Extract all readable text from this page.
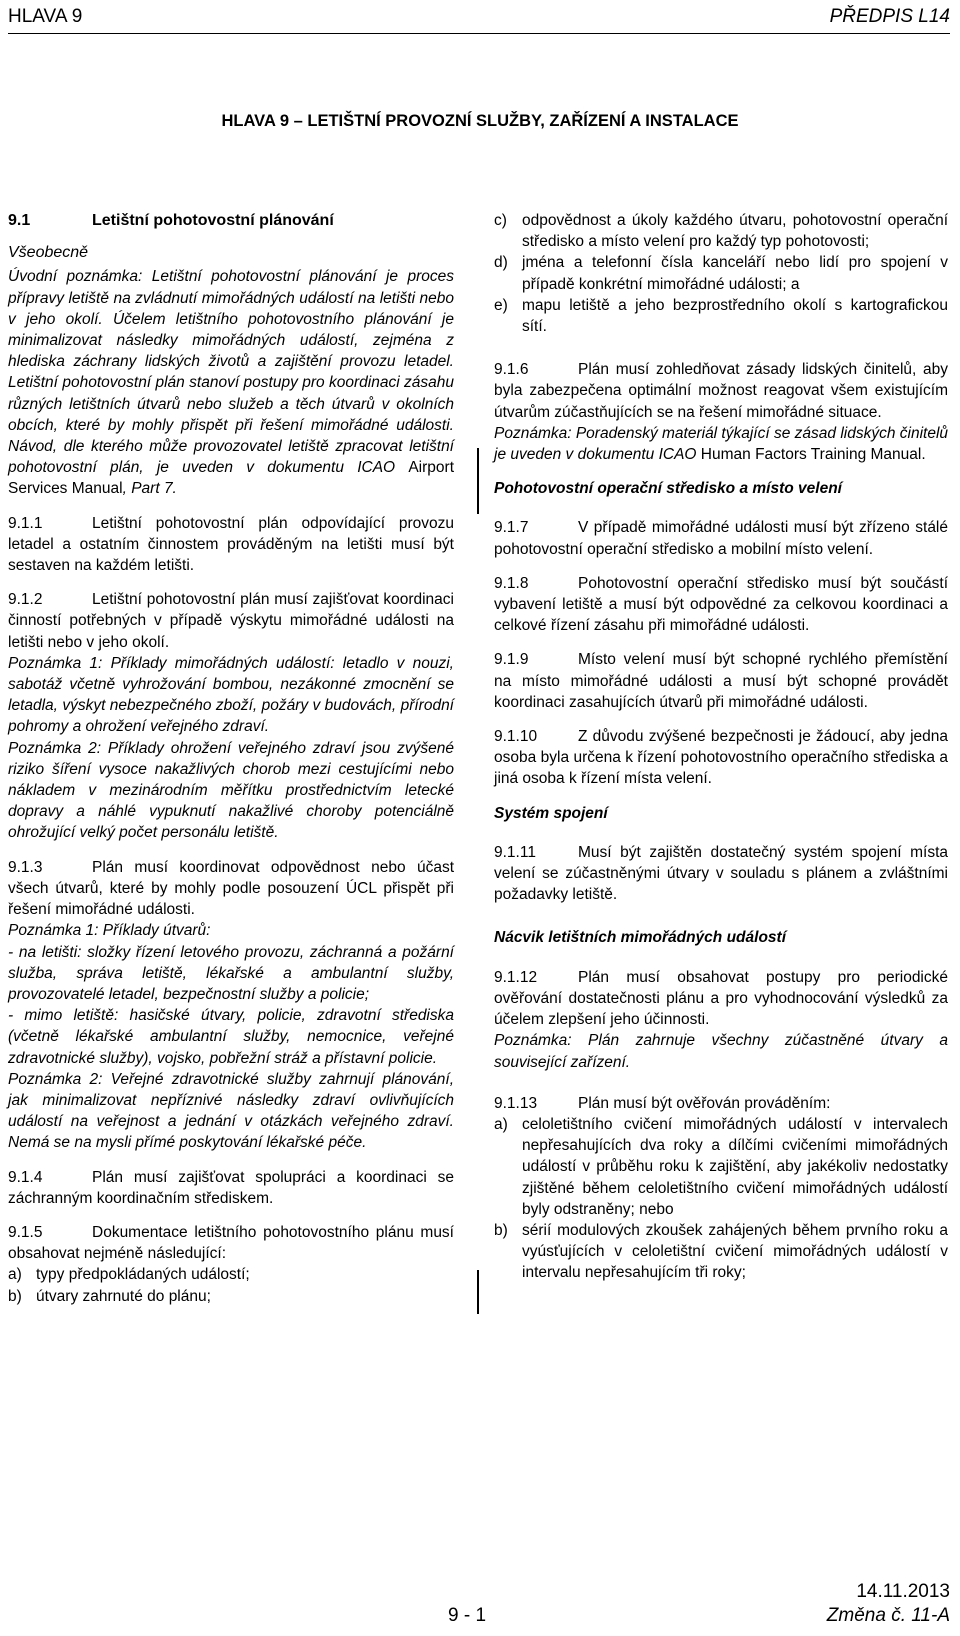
HLAVA 9	PŘEDPIS L14
HLAVA 9 – LETIŠTNÍ PROVOZNÍ SLUŽBY, ZAŘÍZENÍ A INSTALACE
9.1	Letištní pohotovostní plánování
Všeobecně

Úvodní poznámka: Letištní pohotovostní plánování je proces přípravy letiště na zvládnutí mimořádných událostí na letišti nebo v jeho okolí. Účelem letištního pohotovostního plánování je minimalizovat následky mimořádných událostí, zejména z hlediska záchrany lidských životů a zajištění provozu letadel. Letištní pohotovostní plán stanoví postupy pro koordinaci zásahu různých letištních útvarů nebo služeb a těch útvarů v okolních obcích, které by mohly přispět při řešení mimořádné události. Návod, dle kterého může provozovatel letiště zpracovat letištní pohotovostní plán, je uveden v dokumentu ICAO Airport Services Manual, Part 7.

9.1.1	Letištní pohotovostní plán odpovídající provozu letadel a ostatním činnostem prováděným na letišti musí být sestaven na každém letišti.

9.1.2	Letištní pohotovostní plán musí zajišťovat koordinaci činností potřebných v případě výskytu mimořádné události na letišti nebo v jeho okolí.

Poznámka 1: Příklady mimořádných událostí: letadlo v nouzi, sabotáž včetně vyhrožování bombou, nezákonné zmocnění se letadla, výskyt nebezpečného zboží, požáry v budovách, přírodní pohromy a ohrožení veřejného zdraví.

Poznámka 2: Příklady ohrožení veřejného zdraví jsou zvýšené riziko šíření vysoce nakažlivých chorob mezi cestujícími nebo nákladem v mezinárodním měřítku prostřednictvím letecké dopravy a náhlé vypuknutí nakažlivé choroby potenciálně ohrožující velký počet personálu letiště.

9.1.3	Plán musí koordinovat odpovědnost nebo účast všech útvarů, které by mohly podle posouzení ÚCL přispět při řešení mimořádné události.

Poznámka 1: Příklady útvarů:

- na letišti: složky řízení letového provozu, záchranná a požární služba, správa letiště, lékařské a ambulantní služby, provozovatelé letadel, bezpečnostní služby a policie;

- mimo letiště: hasičské útvary, policie, zdravotní střediska (včetně lékařské ambulantní služby, nemocnice, veřejné zdravotnické služby), vojsko, pobřežní stráž a přístavní policie.

Poznámka 2: Veřejné zdravotnické služby zahrnují plánování, jak minimalizovat nepříznivé následky zdraví ovlivňujících událostí na veřejnost a jednání v otázkách veřejného zdraví. Nemá se na mysli přímé poskytování lékařské péče.

9.1.4	Plán musí zajišťovat spolupráci a koordinaci se záchranným koordinačním střediskem.

9.1.5	Dokumentace letištního pohotovostního plánu musí obsahovat nejméně následující:

a) typy předpokládaných událostí;
b) útvary zahrnuté do plánu;
c) odpovědnost a úkoly každého útvaru, pohotovostní operační středisko a místo velení pro každý typ pohotovosti;
d) jména a telefonní čísla kanceláří nebo lidí pro spojení v případě konkrétní mimořádné události; a
e) mapu letiště a jeho bezprostředního okolí s kartografickou sítí.

9.1.6	Plán musí zohledňovat zásady lidských činitelů, aby byla zabezpečena optimální možnost reagovat všem existujícím útvarům zúčastňujících se na řešení mimořádné situace.

Poznámka: Poradenský materiál týkající se zásad lidských činitelů je uveden v dokumentu ICAO Human Factors Training Manual.

Pohotovostní operační středisko a místo velení

9.1.7	V případě mimořádné události musí být zřízeno stálé pohotovostní operační středisko a mobilní místo velení.

9.1.8	Pohotovostní operační středisko musí být součástí vybavení letiště a musí být odpovědné za celkovou koordinaci a celkové řízení zásahu při mimořádné události.

9.1.9	Místo velení musí být schopné rychlého přemístění na místo mimořádné události a musí být schopné provádět koordinaci zasahujících útvarů při mimořádné události.

9.1.10	Z důvodu zvýšené bezpečnosti je žádoucí, aby jedna osoba byla určena k řízení pohotovostního operačního střediska a jiná osoba k řízení místa velení.

Systém spojení

9.1.11	Musí být zajištěn dostatečný systém spojení místa velení se zúčastněnými útvary v souladu s plánem a zvláštními požadavky letiště.

Nácvik letištních mimořádných událostí

9.1.12	Plán musí obsahovat postupy pro periodické ověřování dostatečnosti plánu a pro vyhodnocování výsledků za účelem zlepšení jeho účinnosti.

Poznámka: Plán zahrnuje všechny zúčastněné útvary a související zařízení.

9.1.13	Plán musí být ověřován prováděním:

a) celoletištního cvičení mimořádných událostí v intervalech nepřesahujících dva roky a dílčími cvičeními mimořádných událostí v průběhu roku k zajištění, aby jakékoliv nedostatky zjištěné během celoletištního cvičení mimořádných událostí byly odstraněny; nebo
b) sérií modulových zkoušek zahájených během prvního roku a vyúsťujících v celoletištní cvičení mimořádných událostí v intervalu nepřesahujícím tři roky;
14.11.2013
9 - 1	Změna č. 11-A
